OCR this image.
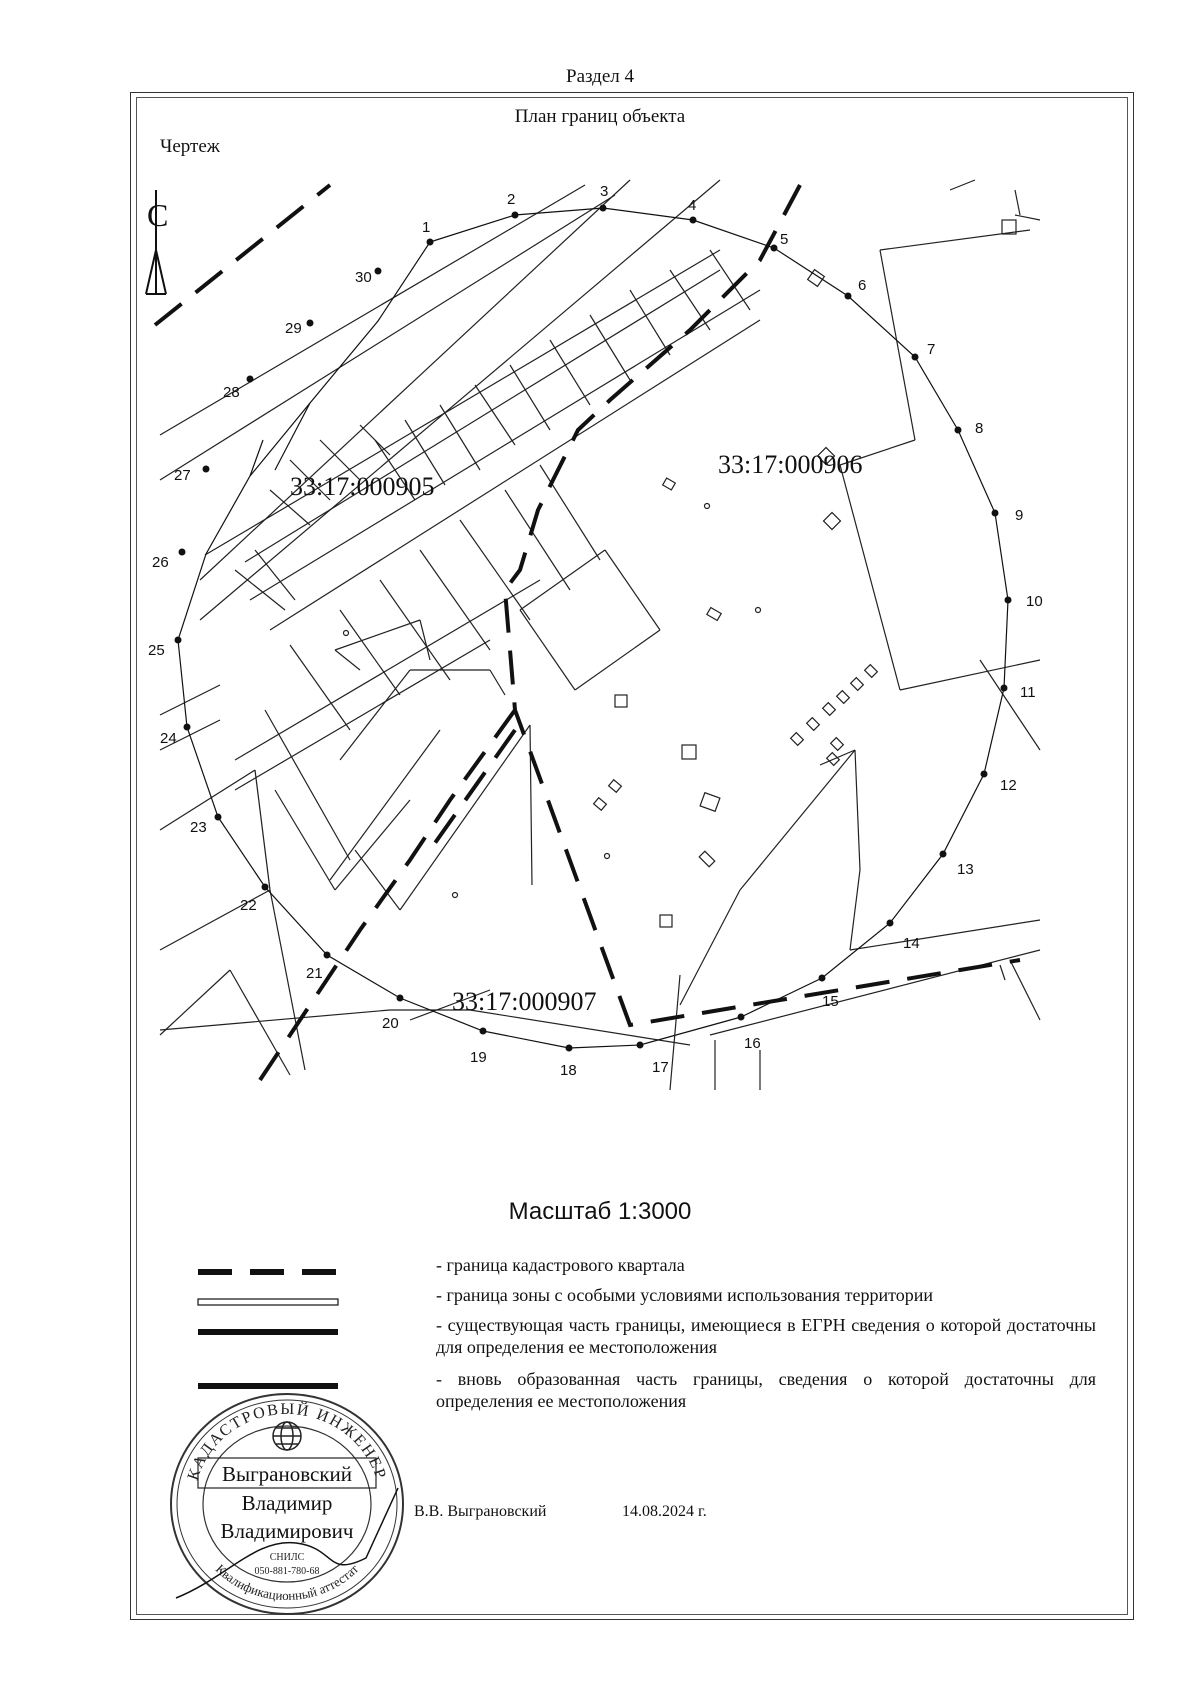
Раздел 4
План границ объекта
Чертеж
1
2	3
4
5
6
7
8
9
10
11
12
13
14
15
16
17
18
19
20
21
22
23
24
25
26
27
28
29
30
33:17:000905
33:17:000906
33:17:000907
С
Масштаб 1:3000
- граница кадастрового квартала
- граница зоны с особыми условиями использования территории
- существующая часть границы, имеющиеся в ЕГРН сведения о которой достаточны для определения ее местоположения
- вновь образованная часть границы, сведения о которой достаточны для определения ее местоположения
КАДАСТРОВЫЙ ИНЖЕНЕР
Квалификационный аттестат
Выграновский
Владимир
Владимирович
СНИЛС
050-881-780-68
В.В. Выграновский	14.08.2024 г.
